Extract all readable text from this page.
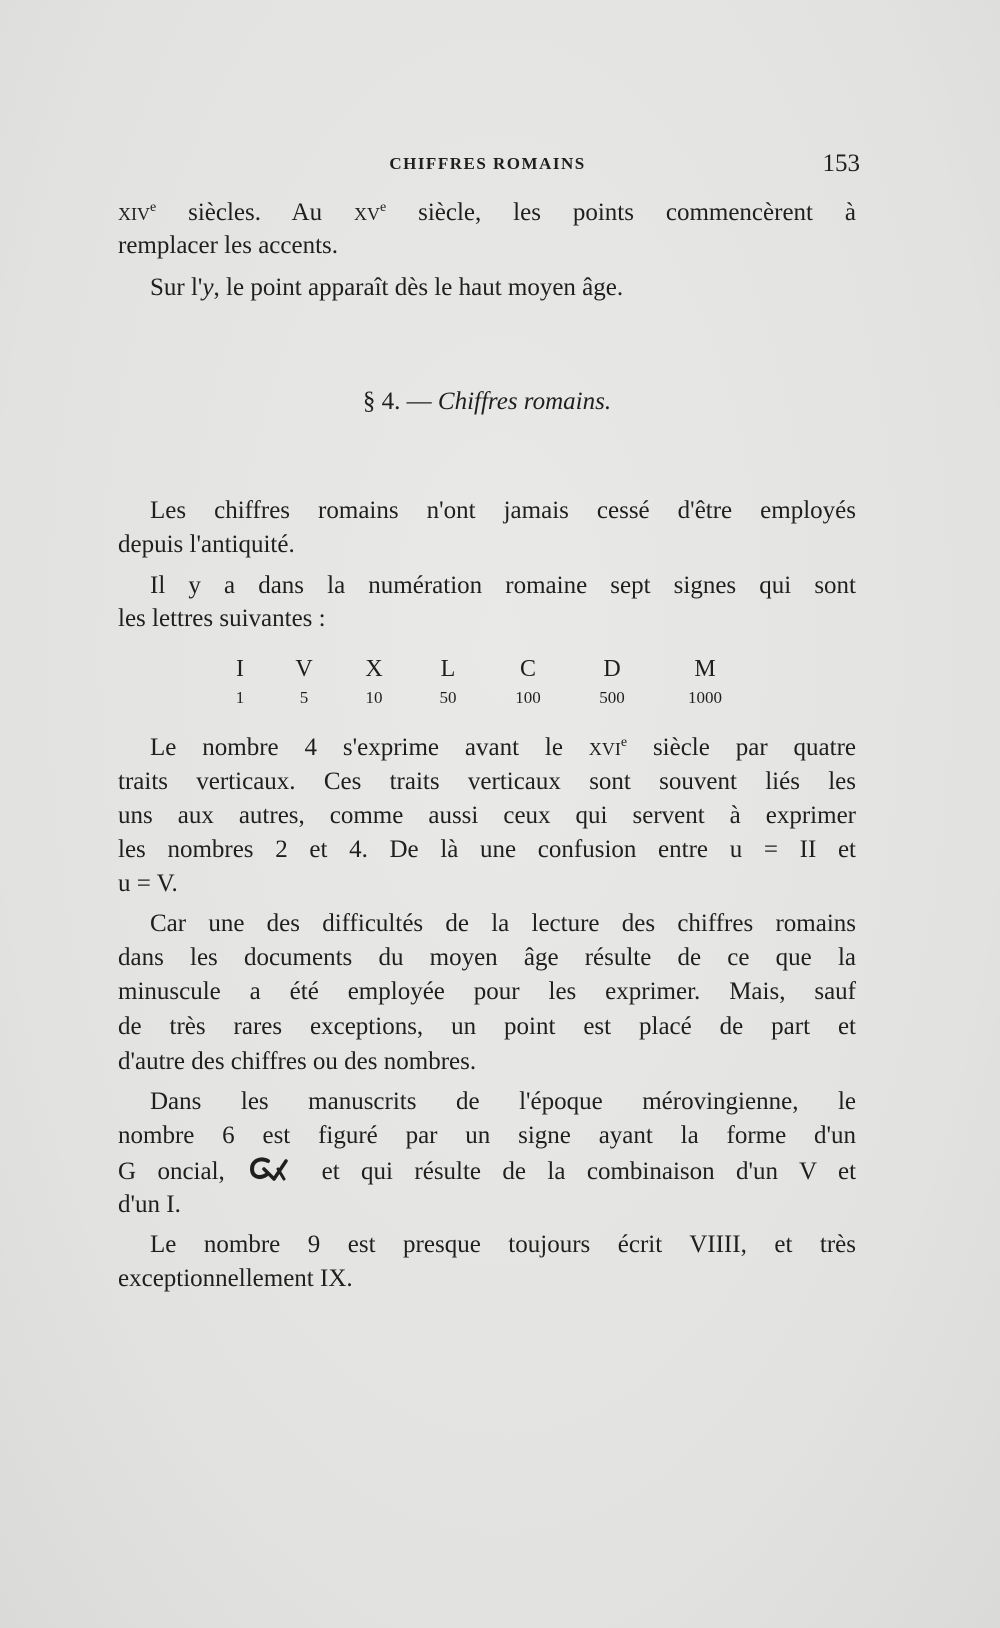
CHIFFRES ROMAINS	153
xiv$^e$ siècles. Au $xv^e$ siècle, les points commencèrent à
remplacer les accents.
Sur l'y, le point apparaît dès le haut moyen âge.
§ 4. — Chiffres romains.
Les chiffres romains n'ont jamais cessé d'être employés
depuis l'antiquité.
Il y a dans la numération romaine sept signes qui sont
les lettres suivantes :
I
1
V
5
X
10
L
50
C
100
D
500
M
1000
Le nombre 4 s'exprime avant le xvi$^e$ siècle par quatre
traits verticaux. Ces traits verticaux sont souvent liés les
uns aux autres, comme aussi ceux qui servent à exprimer
les nombres 2 et 4. De là une confusion entre u = II et
u = V.
Car une des difficultés de la lecture des chiffres romains
dans les documents du moyen âge résulte de ce que la
minuscule a été employée pour les exprimer. Mais, sauf
de très rares exceptions, un point est placé de part et
d'autre des chiffres ou des nombres.
Dans les manuscrits de l'époque mérovingienne, le
nombre 6 est figuré par un signe ayant la forme d'un
G oncial,	et qui résulte de la combinaison d'un V et
d'un I.
Le nombre 9 est presque toujours écrit VIIII, et très
exceptionnellement IX.
